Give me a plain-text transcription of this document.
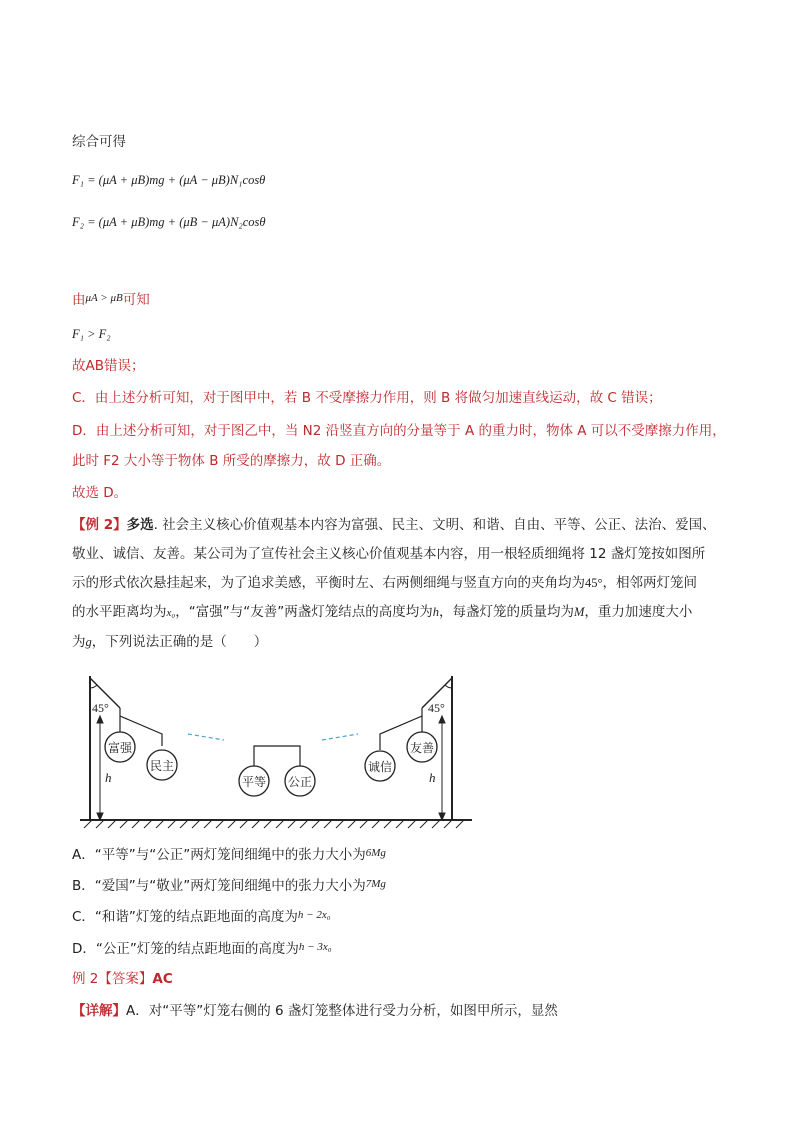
综合可得
F₁ = (μA + μB)mg + (μA − μB)N₁cosθ
F₂ = (μA + μB)mg + (μB − μA)N₂cosθ
由$^{\mu A > \mu B}$可知
F₁ > F₂
故AB错误；
C．由上述分析可知，对于图甲中，若 B 不受摩擦力作用，则 B 将做匀加速直线运动，故 C 错误；
D．由上述分析可知，对于图乙中，当 N2 沿竖直方向的分量等于 A 的重力时，物体 A 可以不受摩擦力作用，
此时 F2 大小等于物体 B 所受的摩擦力，故 D 正确。
故选 D。
【例 2】多选. 社会主义核心价值观基本内容为富强、民主、文明、和谐、自由、平等、公正、法治、爱国、
敬业、诚信、友善。某公司为了宣传社会主义核心价值观基本内容，用一根轻质细绳将 12 盏灯笼按如图所
示的形式依次悬挂起来，为了追求美感，平衡时左、右两侧细绳与竖直方向的夹角均为45°，相邻两灯笼间
的水平距离均为x₀，“富强”与“友善”两盏灯笼结点的高度均为h，每盏灯笼的质量均为M，重力加速度大小
为g，下列说法正确的是（　　）
45°	45°
富强
民主
平等 公正
诚信
友善
h	h
A．“平等”与“公正”两灯笼间细绳中的张力大小为$^{6Mg}$
B．“爱国”与“敬业”两灯笼间细绳中的张力大小为$^{7Mg}$
C．“和谐”灯笼的结点距地面的高度为$^{h - 2x_0}$
D．“公正”灯笼的结点距地面的高度为$^{h - 3x_0}$
例 2【答案】AC
【详解】A．对“平等”灯笼右侧的 6 盏灯笼整体进行受力分析，如图甲所示，显然
